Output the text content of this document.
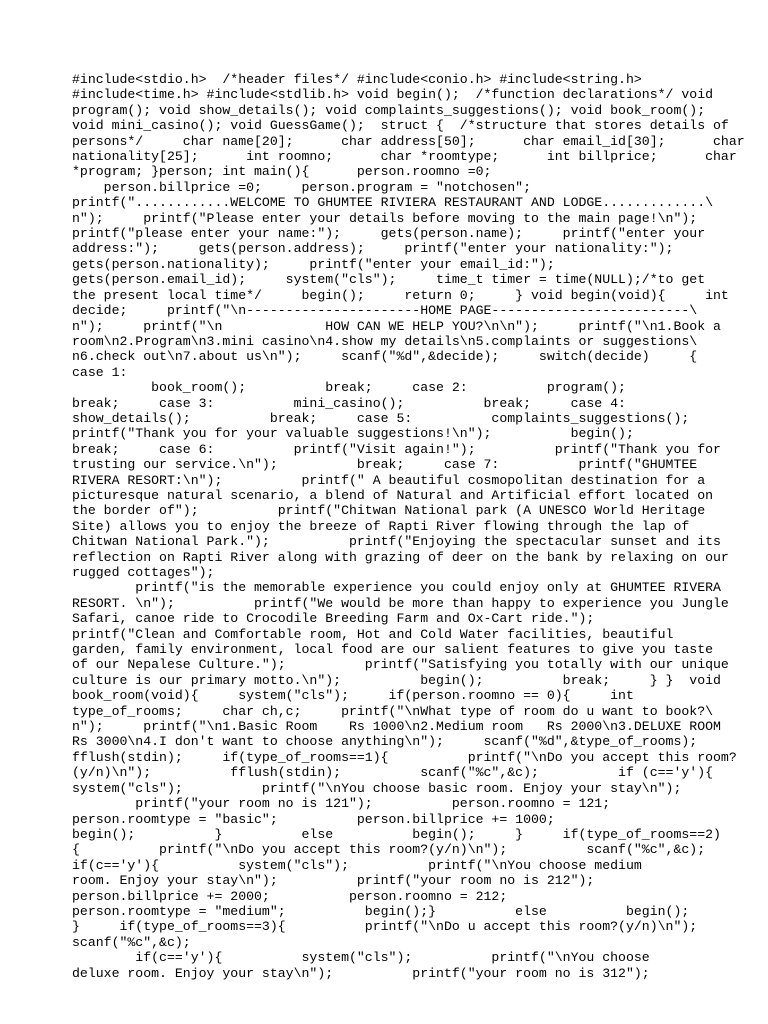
#include<stdio.h>  /*header files*/ #include<conio.h> #include<string.h>
#include<time.h> #include<stdlib.h> void begin();  /*function declarations*/ void
program(); void show_details(); void complaints_suggestions(); void book_room();
void mini_casino(); void GuessGame();  struct {  /*structure that stores details of
persons*/     char name[20];      char address[50];      char email_id[30];      char
nationality[25];      int roomno;      char *roomtype;      int billprice;      char
*program; }person; int main(){      person.roomno =0;
person.billprice =0;     person.program = "notchosen";
printf("............WELCOME TO GHUMTEE RIVIERA RESTAURANT AND LODGE.............\
n");     printf("Please enter your details before moving to the main page!\n");
printf("please enter your name:");     gets(person.name);     printf("enter your
address:");     gets(person.address);     printf("enter your nationality:");
gets(person.nationality);     printf("enter your email_id:");
gets(person.email_id);     system("cls");     time_t timer = time(NULL);/*to get
the present local time*/     begin();     return 0;     } void begin(void){     int
decide;     printf("\n----------------------HOME PAGE-------------------------\
n");     printf("\n             HOW CAN WE HELP YOU?\n\n");     printf("\n1.Book a
room\n2.Program\n3.mini casino\n4.show my details\n5.complaints or suggestions\
n6.check out\n7.about us\n");     scanf("%d",&decide);     switch(decide)     {
case 1:
book_room();          break;     case 2:          program();
break;     case 3:          mini_casino();          break;     case 4:
show_details();          break;     case 5:          complaints_suggestions();
printf("Thank you for your valuable suggestions!\n");          begin();
break;     case 6:          printf("Visit again!");          printf("Thank you for
trusting our service.\n");          break;     case 7:          printf("GHUMTEE
RIVERA RESORT:\n");          printf(" A beautiful cosmopolitan destination for a
picturesque natural scenario, a blend of Natural and Artificial effort located on
the border of");          printf("Chitwan National park (A UNESCO World Heritage
Site) allows you to enjoy the breeze of Rapti River flowing through the lap of
Chitwan National Park.");          printf("Enjoying the spectacular sunset and its
reflection on Rapti River along with grazing of deer on the bank by relaxing on our
rugged cottages");
printf("is the memorable experience you could enjoy only at GHUMTEE RIVERA
RESORT. \n");          printf("We would be more than happy to experience you Jungle
Safari, canoe ride to Crocodile Breeding Farm and Ox-Cart ride.");
printf("Clean and Comfortable room, Hot and Cold Water facilities, beautiful
garden, family environment, local food are our salient features to give you taste
of our Nepalese Culture.");          printf("Satisfying you totally with our unique
culture is our primary motto.\n");          begin();          break;     } }  void
book_room(void){     system("cls");     if(person.roomno == 0){     int
type_of_rooms;     char ch,c;     printf("\nWhat type of room do u want to book?\
n");     printf("\n1.Basic Room    Rs 1000\n2.Medium room   Rs 2000\n3.DELUXE ROOM
Rs 3000\n4.I don't want to choose anything\n");     scanf("%d",&type_of_rooms);
fflush(stdin);     if(type_of_rooms==1){          printf("\nDo you accept this room?
(y/n)\n");          fflush(stdin);          scanf("%c",&c);          if (c=='y'){
system("cls");          printf("\nYou choose basic room. Enjoy your stay\n");
printf("your room no is 121");          person.roomno = 121;
person.roomtype = "basic";          person.billprice += 1000;
begin();          }          else          begin();     }     if(type_of_rooms==2)
{          printf("\nDo you accept this room?(y/n)\n");          scanf("%c",&c);
if(c=='y'){          system("cls");          printf("\nYou choose medium
room. Enjoy your stay\n");          printf("your room no is 212");
person.billprice += 2000;          person.roomno = 212;
person.roomtype = "medium";          begin();}          else          begin();
}     if(type_of_rooms==3){          printf("\nDo u accept this room?(y/n)\n");
scanf("%c",&c);
if(c=='y'){          system("cls");          printf("\nYou choose
deluxe room. Enjoy your stay\n");          printf("your room no is 312");
